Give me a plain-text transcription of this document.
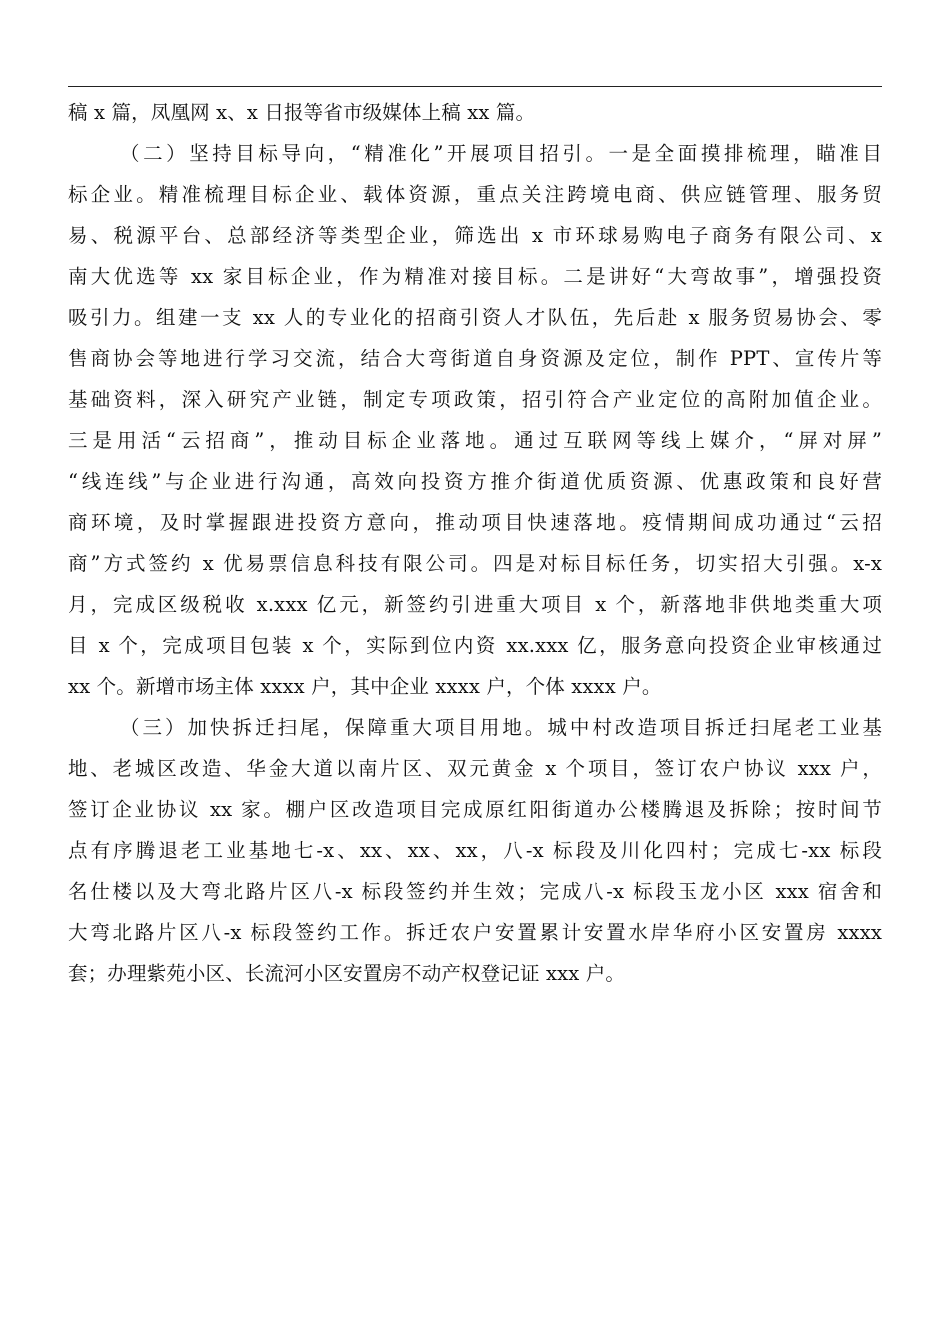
稿 x 篇，凤凰网 x、x 日报等省市级媒体上稿 xx 篇。
（二）坚持目标导向，“精准化”开展项目招引。一是全面摸排梳理，瞄准目
标企业。精准梳理目标企业、载体资源，重点关注跨境电商、供应链管理、服务贸
易、税源平台、总部经济等类型企业，筛选出 x 市环球易购电子商务有限公司、x
南大优选等 xx 家目标企业，作为精准对接目标。二是讲好“大弯故事”，增强投资
吸引力。组建一支 xx 人的专业化的招商引资人才队伍，先后赴 x 服务贸易协会、零
售商协会等地进行学习交流，结合大弯街道自身资源及定位，制作 PPT、宣传片等
基础资料，深入研究产业链，制定专项政策，招引符合产业定位的高附加值企业。
三是用活“云招商”，推动目标企业落地。通过互联网等线上媒介，“屏对屏”
“线连线”与企业进行沟通，高效向投资方推介街道优质资源、优惠政策和良好营
商环境，及时掌握跟进投资方意向，推动项目快速落地。疫情期间成功通过“云招
商”方式签约 x 优易票信息科技有限公司。四是对标目标任务，切实招大引强。x-x
月，完成区级税收 x.xxx 亿元，新签约引进重大项目 x 个，新落地非供地类重大项
目 x 个，完成项目包装 x 个，实际到位内资 xx.xxx 亿，服务意向投资企业审核通过
xx 个。新增市场主体 xxxx 户，其中企业 xxxx 户，个体 xxxx 户。
（三）加快拆迁扫尾，保障重大项目用地。城中村改造项目拆迁扫尾老工业基
地、老城区改造、华金大道以南片区、双元黄金 x 个项目，签订农户协议 xxx 户，
签订企业协议 xx 家。棚户区改造项目完成原红阳街道办公楼腾退及拆除；按时间节
点有序腾退老工业基地七-x、xx、xx、xx，八-x 标段及川化四村；完成七-xx 标段
名仕楼以及大弯北路片区八-x 标段签约并生效；完成八-x 标段玉龙小区 xxx 宿舍和
大弯北路片区八-x 标段签约工作。拆迁农户安置累计安置水岸华府小区安置房 xxxx
套；办理紫苑小区、长流河小区安置房不动产权登记证 xxx 户。
